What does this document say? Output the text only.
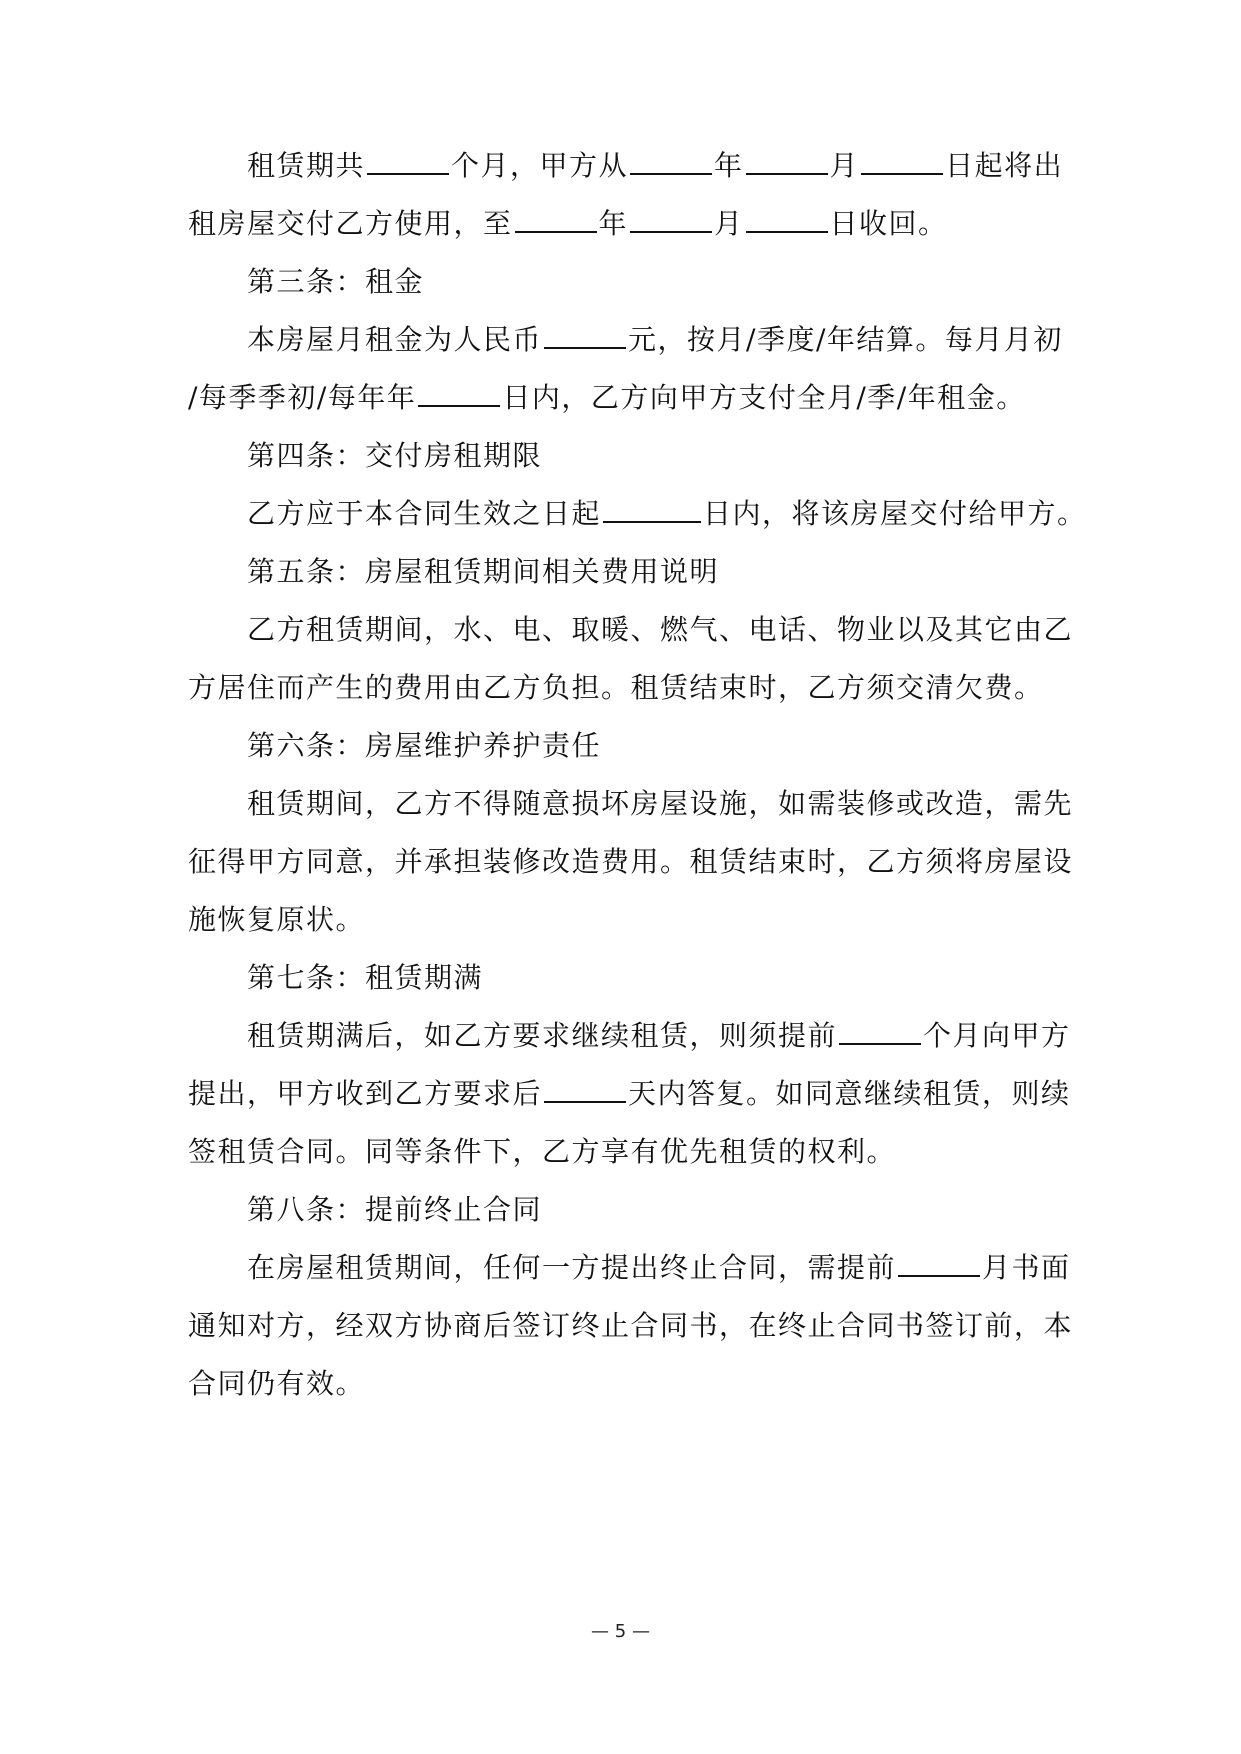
租赁期共	个月，甲方从	年	月	日起将出
租房屋交付乙方使用，至	年	月	日收回。
第三条：租金
本房屋月租金为人民币	元，按月/季度/年结算。每月月初
/每季季初/每年年	日内，乙方向甲方支付全月/季/年租金。
第四条：交付房租期限
乙方应于本合同生效之日起	日内，将该房屋交付给甲方。
第五条：房屋租赁期间相关费用说明
乙方租赁期间，水、电、取暖、燃气、电话、物业以及其它由乙
方居住而产生的费用由乙方负担。租赁结束时，乙方须交清欠费。
第六条：房屋维护养护责任
租赁期间，乙方不得随意损坏房屋设施，如需装修或改造，需先
征得甲方同意，并承担装修改造费用。租赁结束时，乙方须将房屋设
施恢复原状。
第七条：租赁期满
租赁期满后，如乙方要求继续租赁，则须提前	个月向甲方
提出，甲方收到乙方要求后	天内答复。如同意继续租赁，则续
签租赁合同。同等条件下，乙方享有优先租赁的权利。
第八条：提前终止合同
在房屋租赁期间，任何一方提出终止合同，需提前	月书面
通知对方，经双方协商后签订终止合同书，在终止合同书签订前，本
合同仍有效。
— 5 —
